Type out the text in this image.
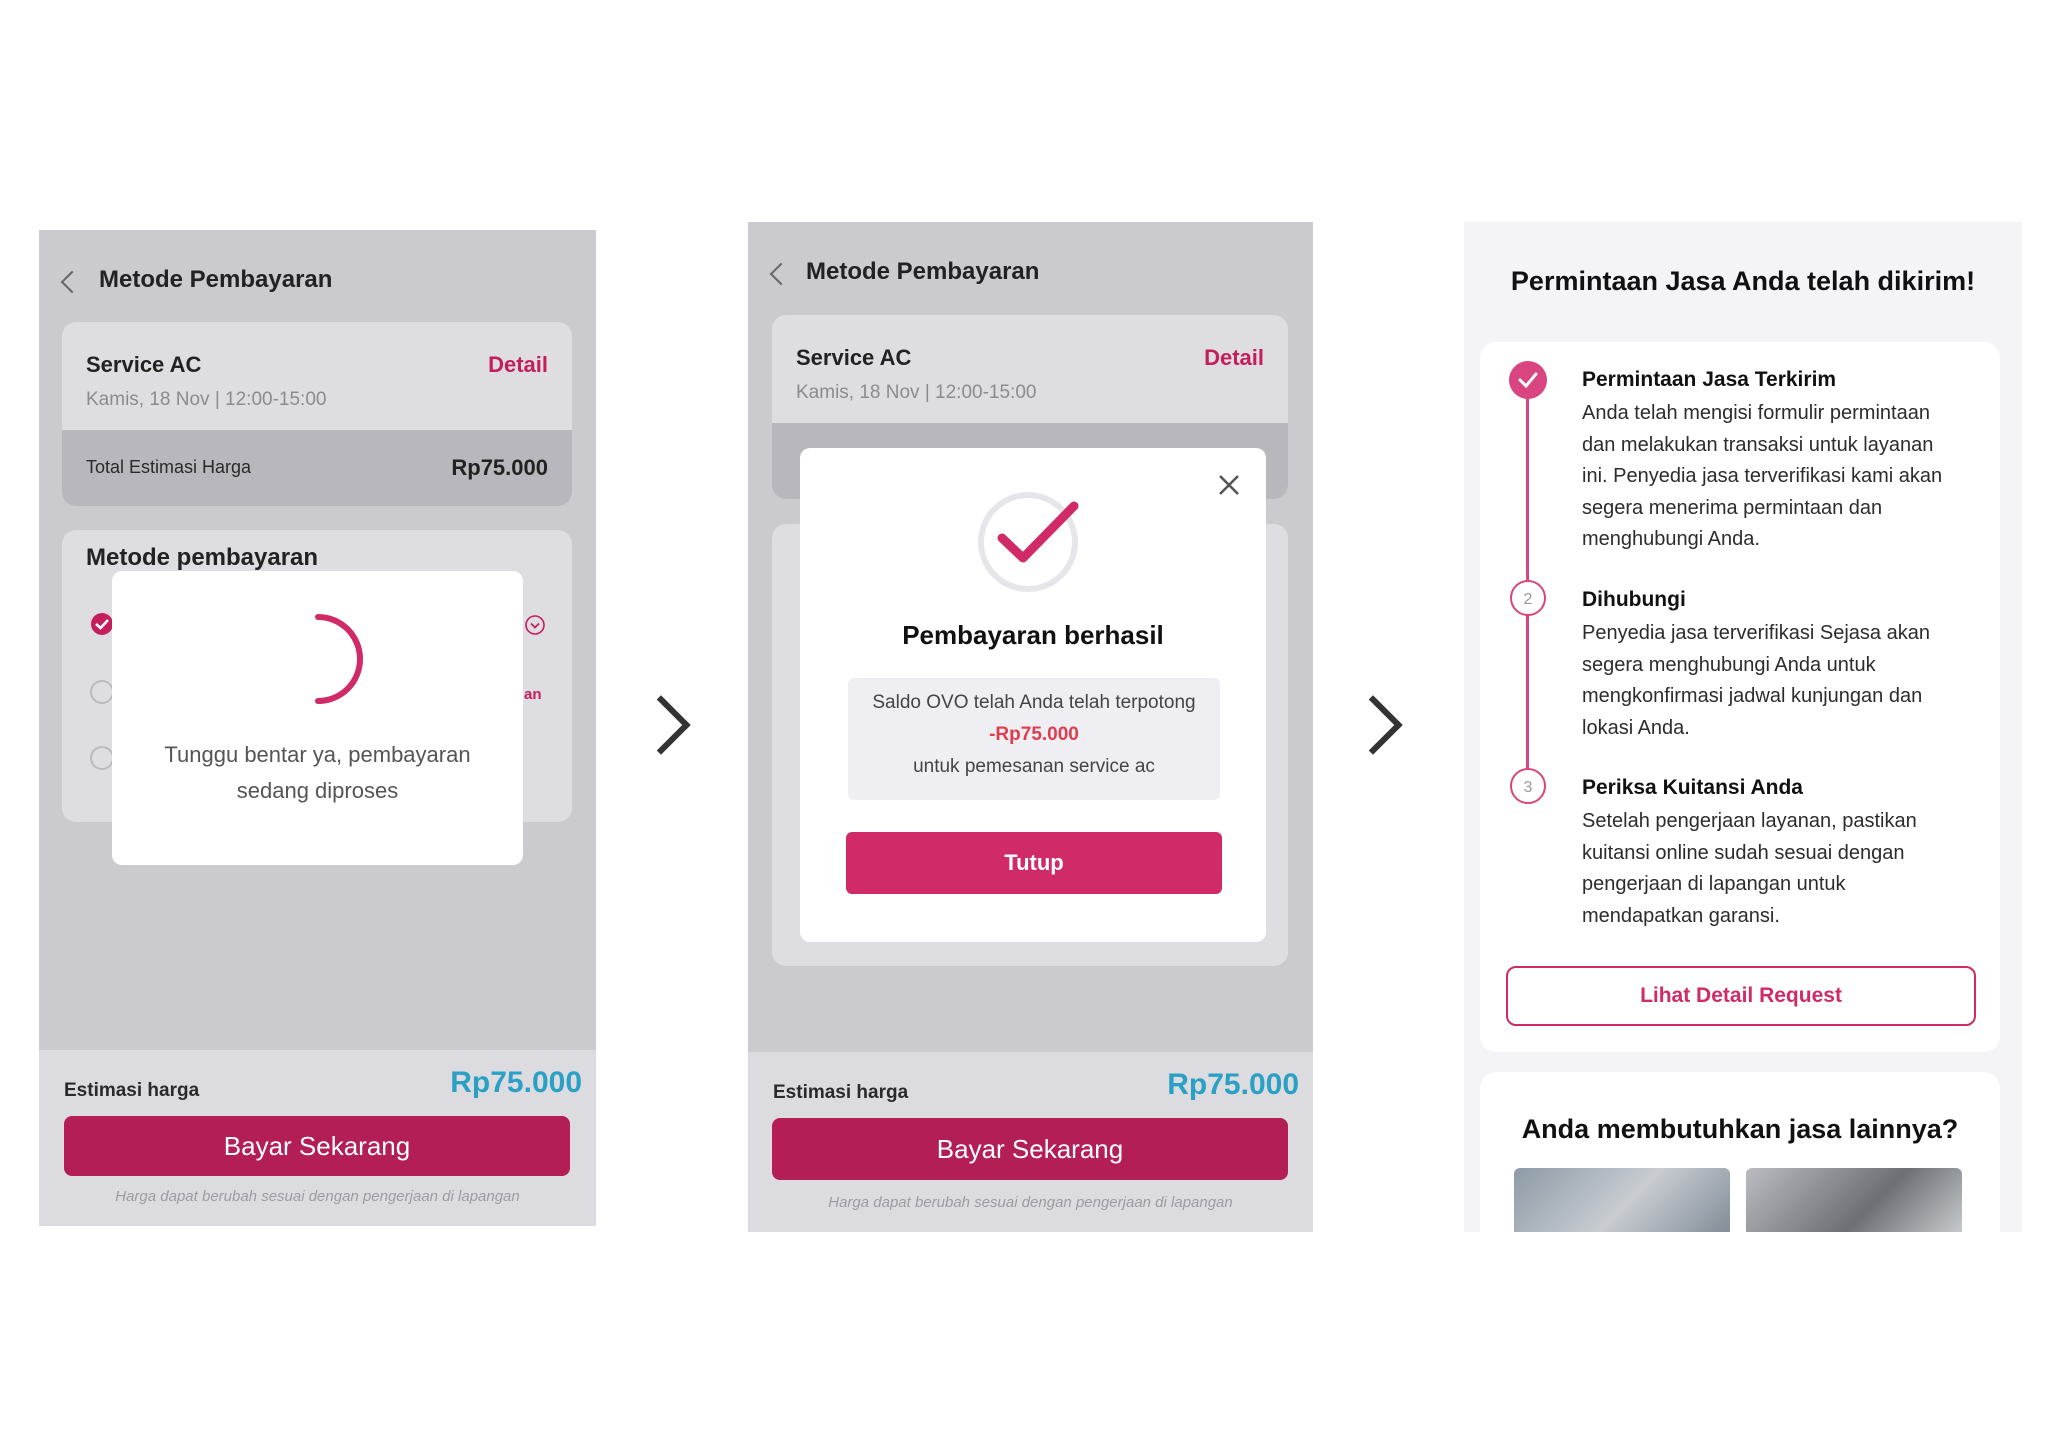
Metode Pembayaran
Service AC	Detail
Kamis, 18 Nov | 12:00-15:00
Total Estimasi Harga	Rp75.000
Metode pembayaran
an
Tunggu bentar ya, pembayaran sedang diproses
Estimasi harga	Rp75.000
Bayar Sekarang
Harga dapat berubah sesuai dengan pengerjaan di lapangan
Metode Pembayaran
Service AC	Detail
Kamis, 18 Nov | 12:00-15:00
Pembayaran berhasil
Saldo OVO telah Anda telah terpotong
-Rp75.000
untuk pemesanan service ac
Tutup
Estimasi harga	Rp75.000
Bayar Sekarang
Harga dapat berubah sesuai dengan pengerjaan di lapangan
Permintaan Jasa Anda telah dikirim!
Permintaan Jasa Terkirim
Anda telah mengisi formulir permintaan
dan melakukan transaksi untuk layanan
ini. Penyedia jasa terverifikasi kami akan
segera menerima permintaan dan
menghubungi Anda.
2	Dihubungi
Penyedia jasa terverifikasi Sejasa akan
segera menghubungi Anda untuk
mengkonfirmasi jadwal kunjungan dan
lokasi Anda.
3	Periksa Kuitansi Anda
Setelah pengerjaan layanan, pastikan
kuitansi online sudah sesuai dengan
pengerjaan di lapangan untuk
mendapatkan garansi.
Lihat Detail Request
Anda membutuhkan jasa lainnya?
